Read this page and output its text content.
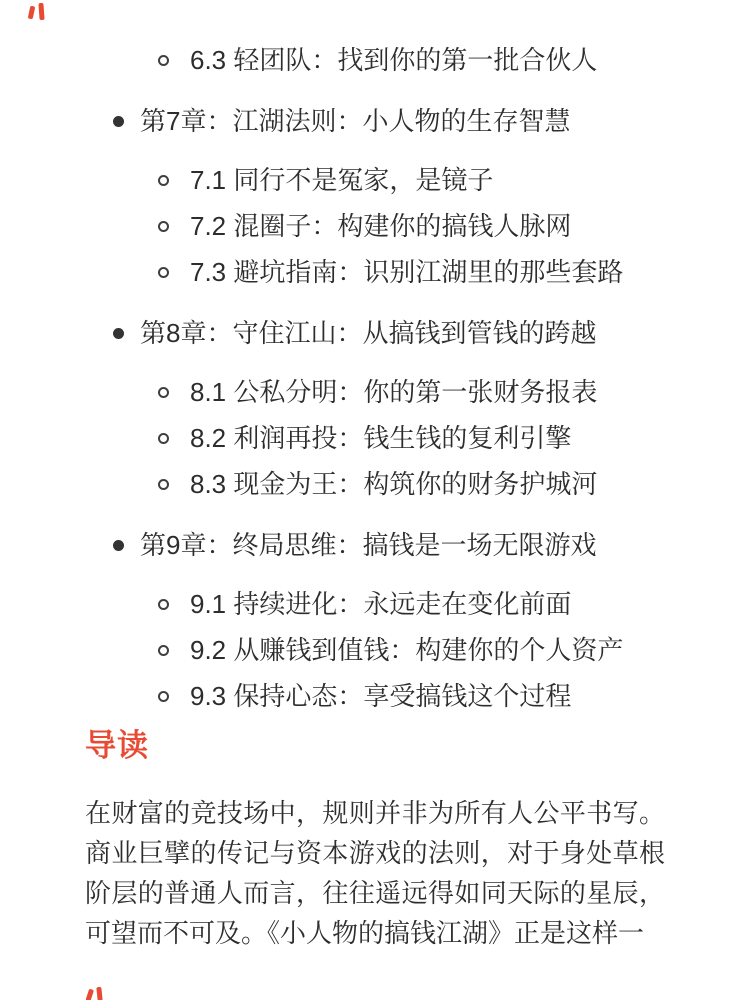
6.3 轻团队：找到你的第一批合伙人
第7章：江湖法则：小人物的生存智慧
7.1 同行不是冤家，是镜子
7.2 混圈子：构建你的搞钱人脉网
7.3 避坑指南：识别江湖里的那些套路
第8章：守住江山：从搞钱到管钱的跨越
8.1 公私分明：你的第一张财务报表
8.2 利润再投：钱生钱的复利引擎
8.3 现金为王：构筑你的财务护城河
第9章：终局思维：搞钱是一场无限游戏
9.1 持续进化：永远走在变化前面
9.2 从赚钱到值钱：构建你的个人资产
9.3 保持心态：享受搞钱这个过程
导读

在财富的竞技场中，规则并非为所有人公平书写。商业巨擘的传记与资本游戏的法则，对于身处草根阶层的普通人而言，往往遥远得如同天际的星辰，可望而不可及。《小人物的搞钱江湖》正是这样一
